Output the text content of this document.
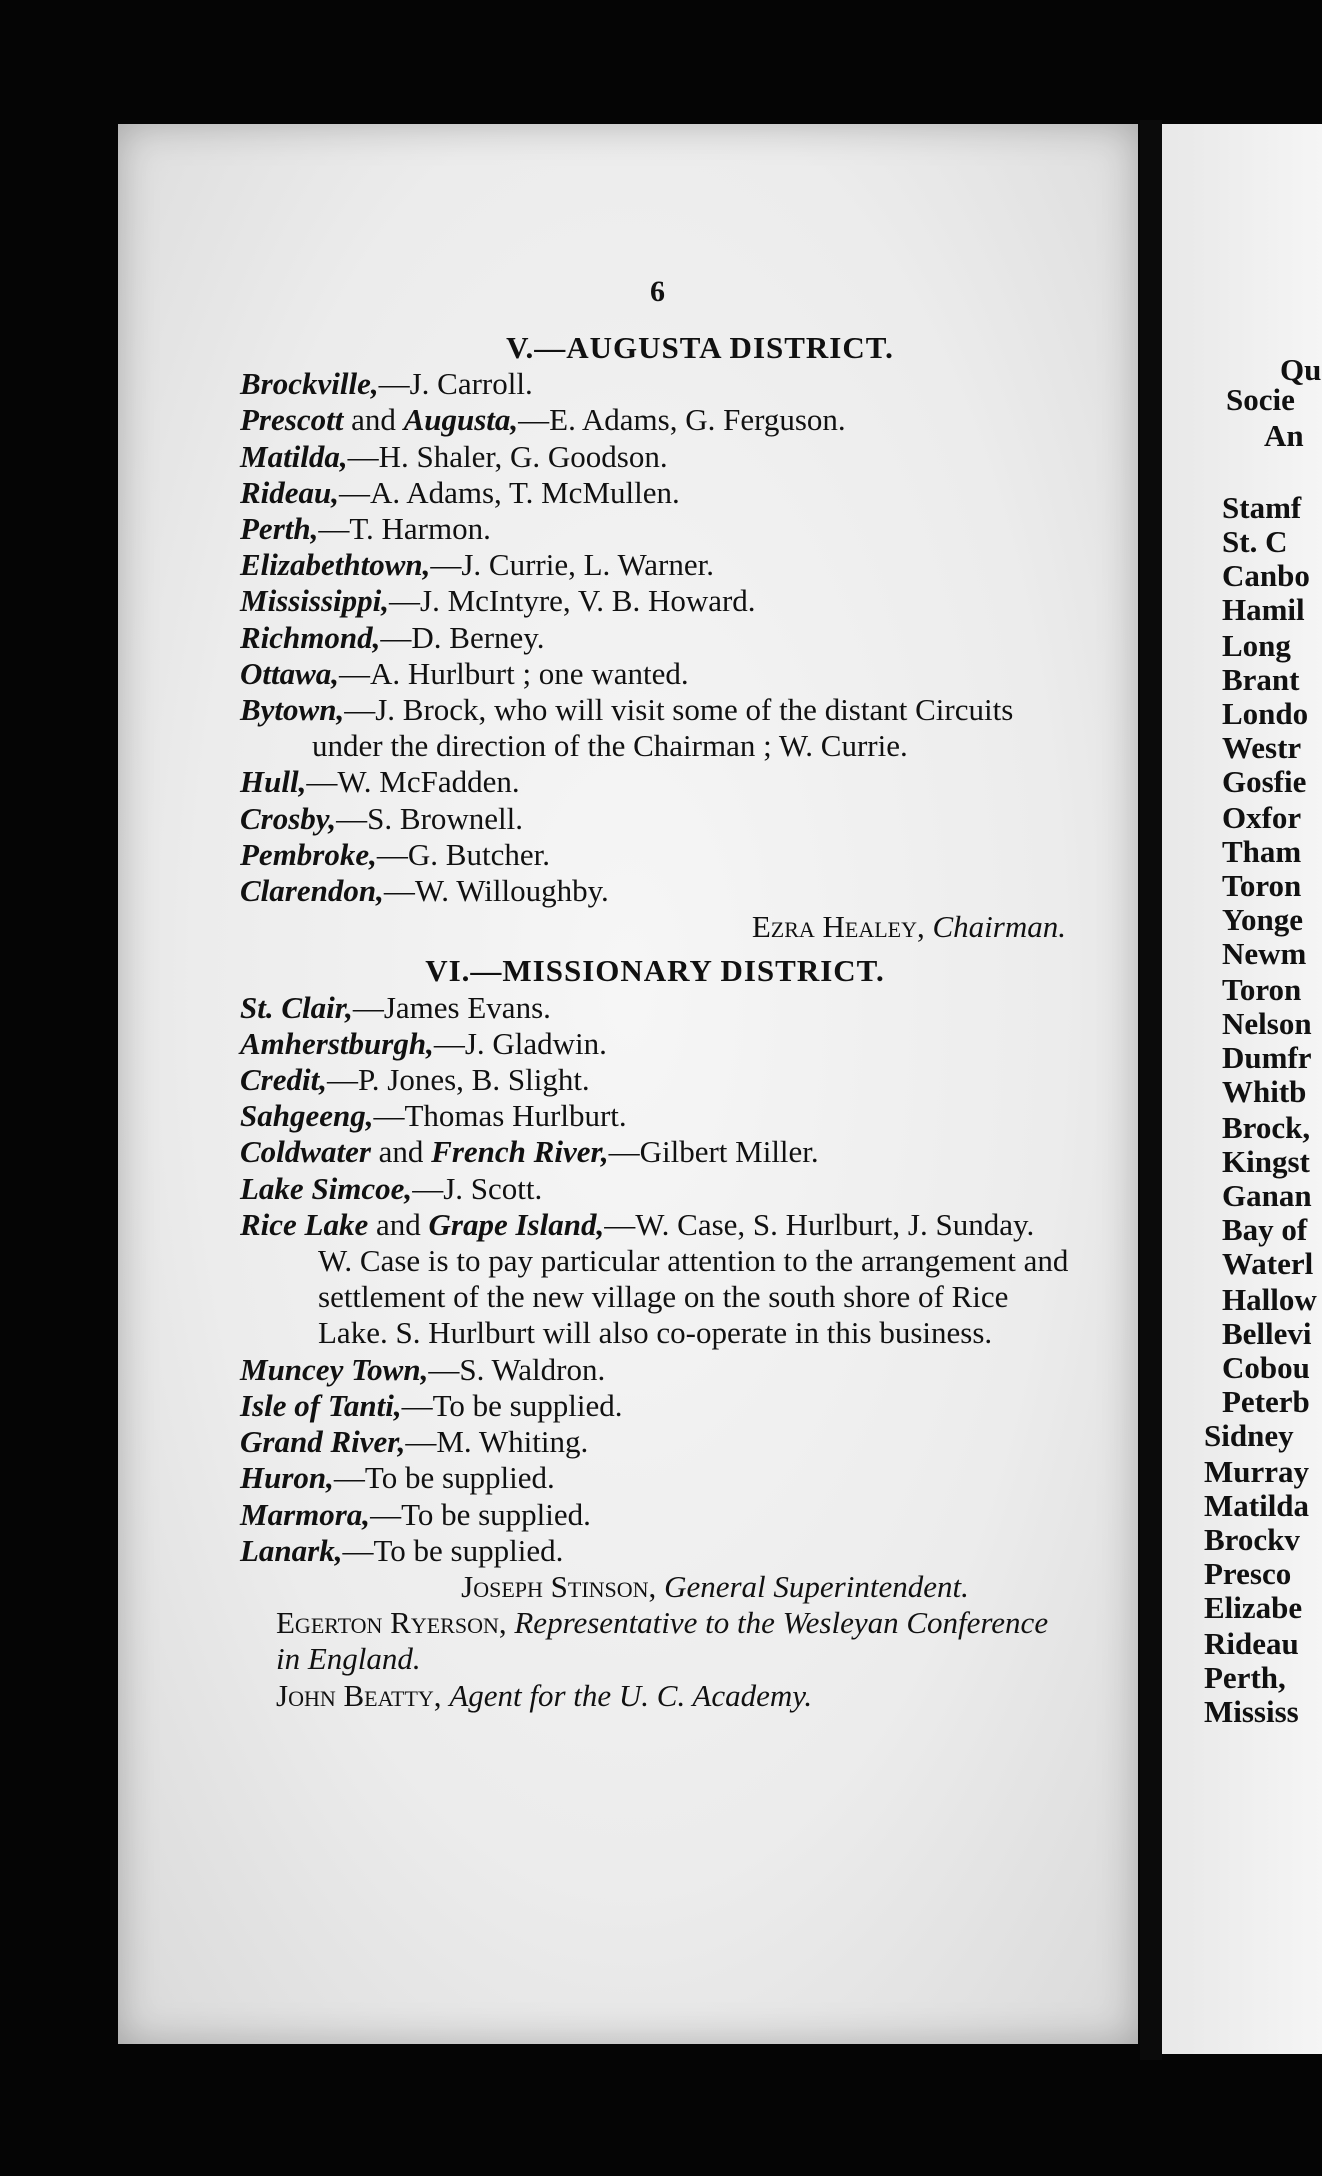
6

V.—AUGUSTA DISTRICT.

Brockville,—J. Carroll.

Prescott and Augusta,—E. Adams, G. Ferguson.

Matilda,—H. Shaler, G. Goodson.

Rideau,—A. Adams, T. McMullen.

Perth,—T. Harmon.

Elizabethtown,—J. Currie, L. Warner.

Mississippi,—J. McIntyre, V. B. Howard.

Richmond,—D. Berney.

Ottawa,—A. Hurlburt ; one wanted.

Bytown,—J. Brock, who will visit some of the distant Circuits under the direction of the Chairman ; W. Currie.

Hull,—W. McFadden.

Crosby,—S. Brownell.

Pembroke,—G. Butcher.

Clarendon,—W. Willoughby.

Ezra Healey, Chairman.

VI.—MISSIONARY DISTRICT.

St. Clair,—James Evans.

Amherstburgh,—J. Gladwin.

Credit,—P. Jones, B. Slight.

Sahgeeng,—Thomas Hurlburt.

Coldwater and French River,—Gilbert Miller.

Lake Simcoe,—J. Scott.

Rice Lake and Grape Island,—W. Case, S. Hurlburt, J. Sunday. W. Case is to pay particular attention to the arrangement and settlement of the new village on the south shore of Rice Lake. S. Hurlburt will also co-operate in this business.

Muncey Town,—S. Waldron.

Isle of Tanti,—To be supplied.

Grand River,—M. Whiting.

Huron,—To be supplied.

Marmora,—To be supplied.

Lanark,—To be supplied.

Joseph Stinson, General Superintendent.

Egerton Ryerson, Representative to the Wesleyan Conference in England.

John Beatty, Agent for the U. C. Academy.

Qu
Socie
An
Stamf
St. C
Canbo
Hamil
Long
Brant
Londo
Westr
Gosfie
Oxfor
Tham
Toron
Yonge
Newm
Toron
Nelson
Dumfr
Whitb
Brock,
Kingst
Ganan
Bay of
Waterl
Hallow
Bellevi
Cobou
Peterb
Sidney
Murray
Matilda
Brockv
Presco
Elizabe
Rideau
Perth,
Mississ
